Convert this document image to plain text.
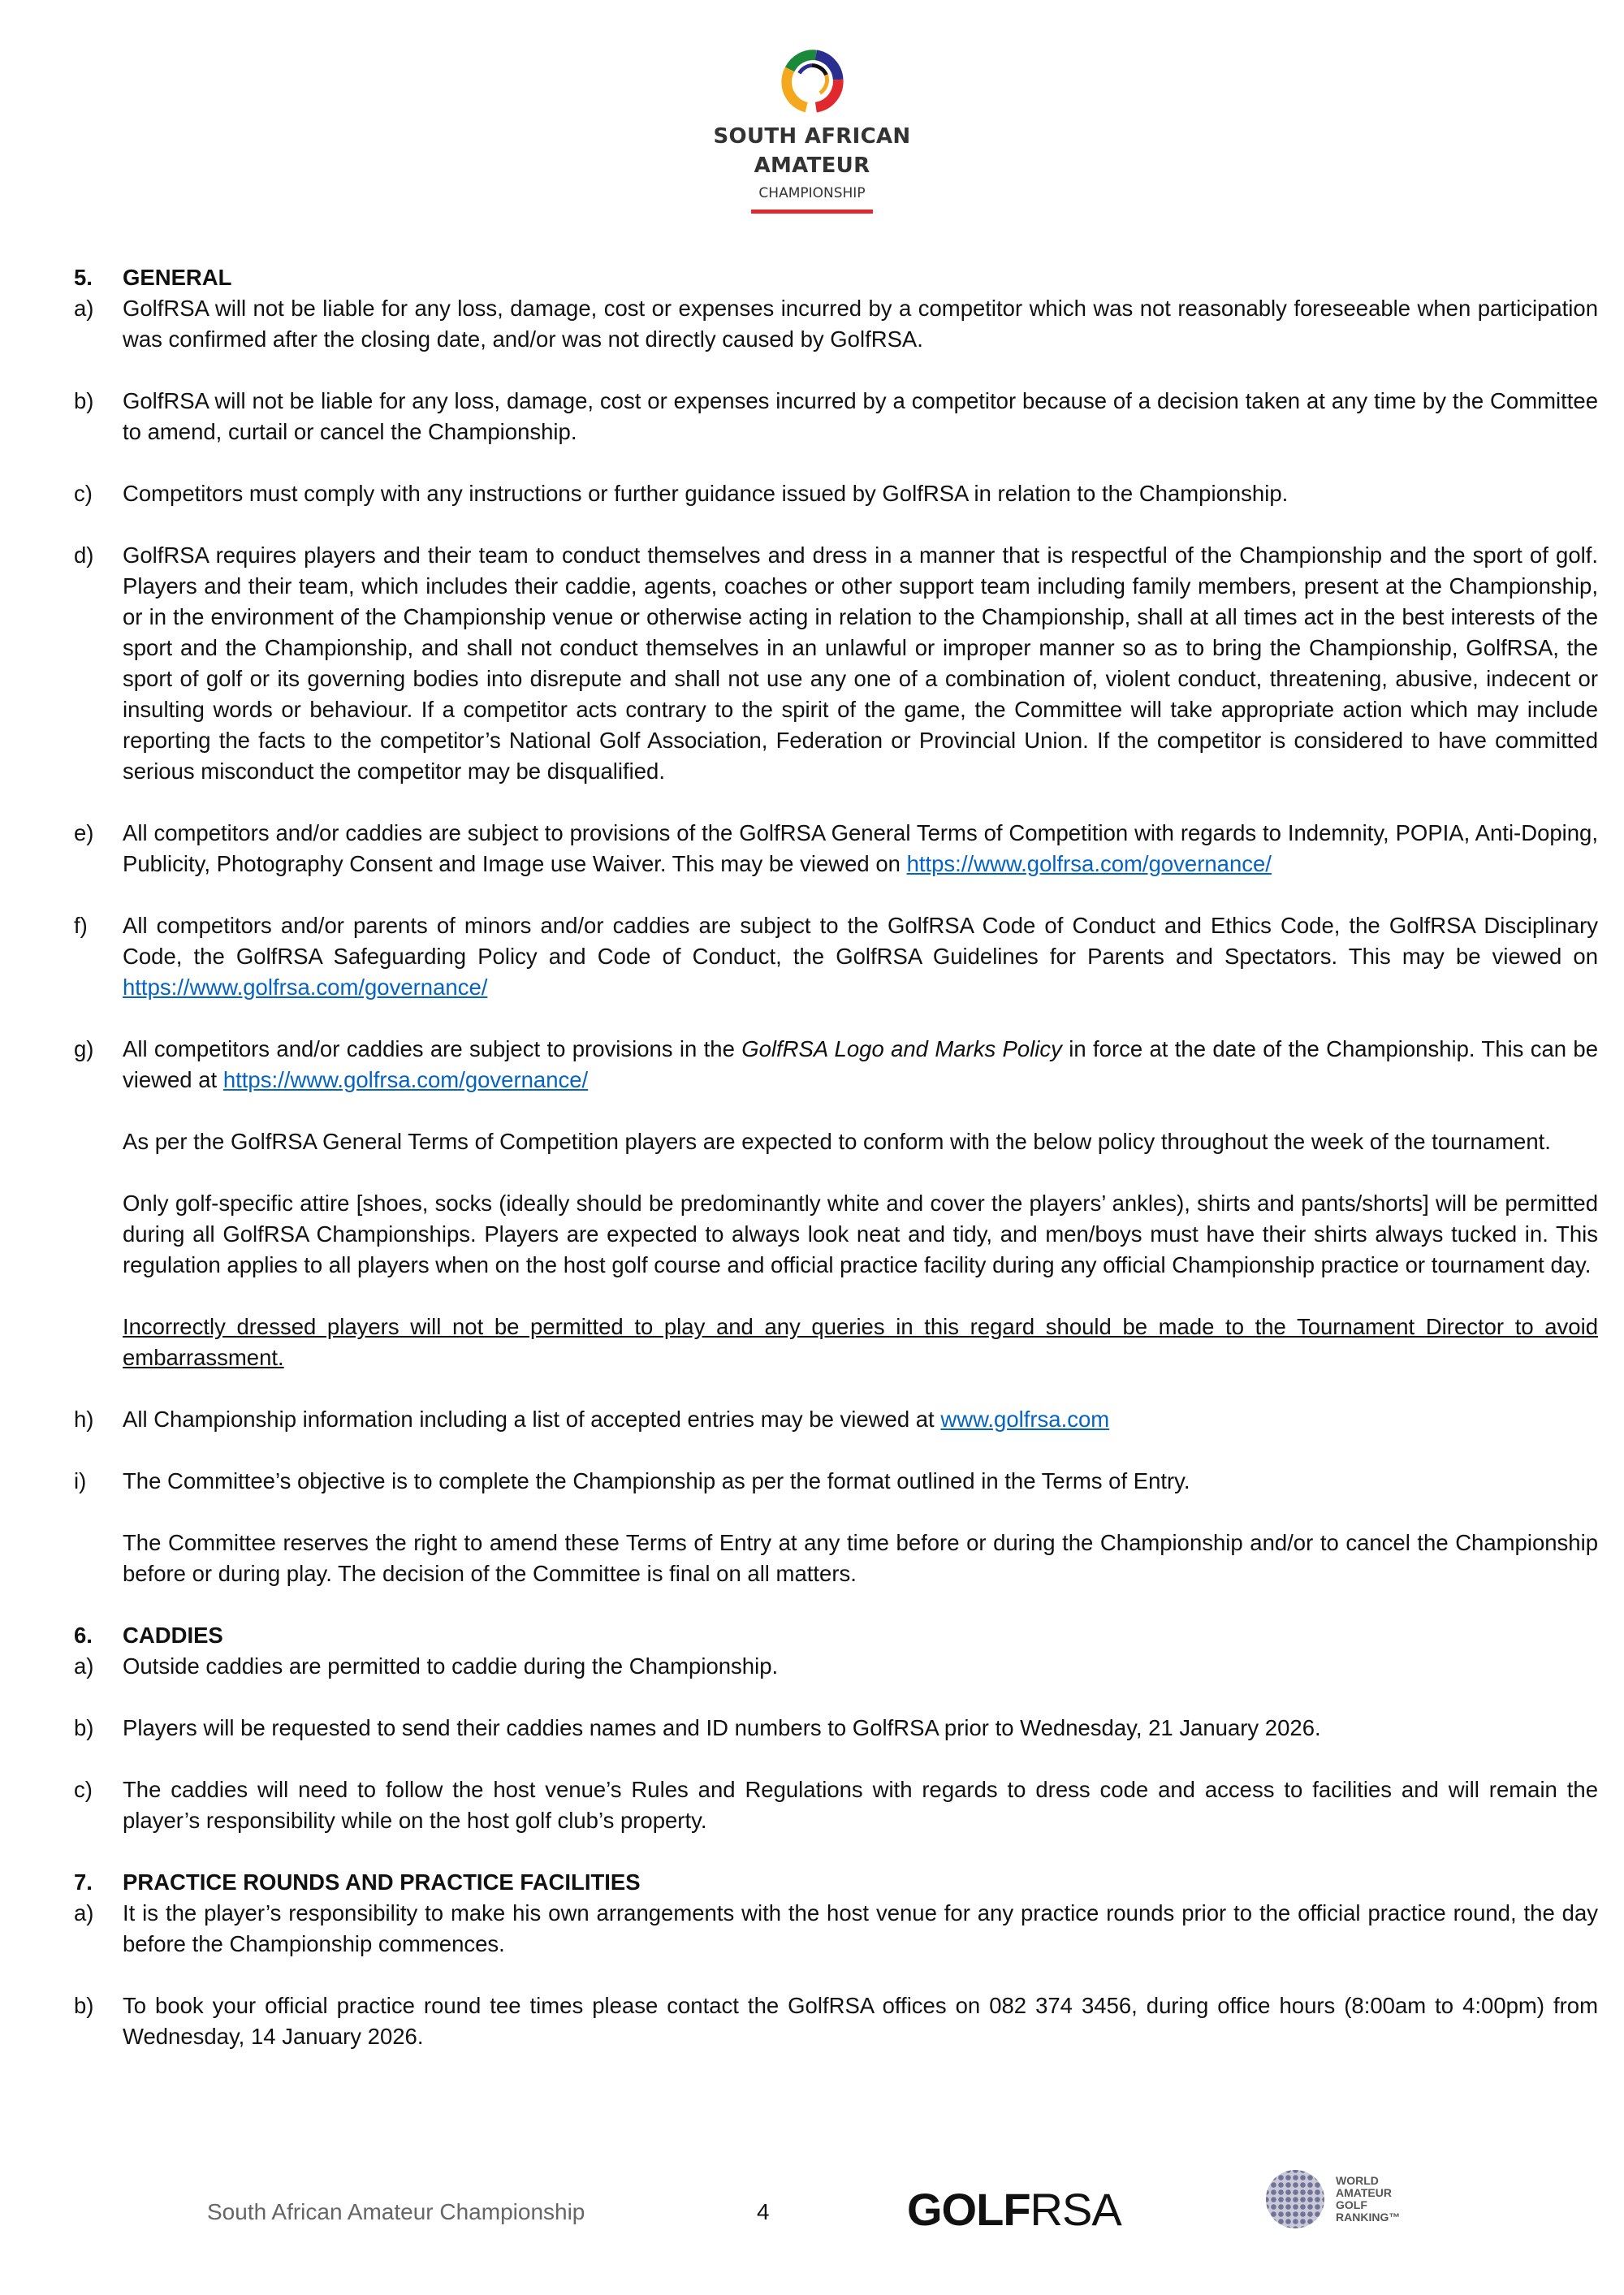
SOUTH AFRICAN
AMATEUR
CHAMPIONSHIP
5.	GENERAL
a)	GolfRSA will not be liable for any loss, damage, cost or expenses incurred by a competitor which was not reasonably foreseeable when participation was confirmed after the closing date, and/or was not directly caused by GolfRSA.

b)	GolfRSA will not be liable for any loss, damage, cost or expenses incurred by a competitor because of a decision taken at any time by the Committee to amend, curtail or cancel the Championship.

c)	Competitors must comply with any instructions or further guidance issued by GolfRSA in relation to the Championship.

d)	GolfRSA requires players and their team to conduct themselves and dress in a manner that is respectful of the Championship and the sport of golf. Players and their team, which includes their caddie, agents, coaches or other support team including family members, present at the Championship, or in the environment of the Championship venue or otherwise acting in relation to the Championship, shall at all times act in the best interests of the sport and the Championship, and shall not conduct themselves in an unlawful or improper manner so as to bring the Championship, GolfRSA, the sport of golf or its governing bodies into disrepute and shall not use any one of a combination of, violent conduct, threatening, abusive, indecent or insulting words or behaviour. If a competitor acts contrary to the spirit of the game, the Committee will take appropriate action which may include reporting the facts to the competitor’s National Golf Association, Federation or Provincial Union. If the competitor is considered to have committed serious misconduct the competitor may be disqualified.

e)	All competitors and/or caddies are subject to provisions of the GolfRSA General Terms of Competition with regards to Indemnity, POPIA, Anti-Doping, Publicity, Photography Consent and Image use Waiver. This may be viewed on https://www.golfrsa.com/governance/

f)	All competitors and/or parents of minors and/or caddies are subject to the GolfRSA Code of Conduct and Ethics Code, the GolfRSA Disciplinary Code, the GolfRSA Safeguarding Policy and Code of Conduct, the GolfRSA Guidelines for Parents and Spectators. This may be viewed on https://www.golfrsa.com/governance/

g)	All competitors and/or caddies are subject to provisions in the GolfRSA Logo and Marks Policy in force at the date of the Championship. This can be viewed at https://www.golfrsa.com/governance/

As per the GolfRSA General Terms of Competition players are expected to conform with the below policy throughout the week of the tournament.

Only golf-specific attire [shoes, socks (ideally should be predominantly white and cover the players’ ankles), shirts and pants/shorts] will be permitted during all GolfRSA Championships. Players are expected to always look neat and tidy, and men/boys must have their shirts always tucked in. This regulation applies to all players when on the host golf course and official practice facility during any official Championship practice or tournament day.

Incorrectly dressed players will not be permitted to play and any queries in this regard should be made to the Tournament Director to avoid embarrassment.

h)	All Championship information including a list of accepted entries may be viewed at www.golfrsa.com

i)	The Committee’s objective is to complete the Championship as per the format outlined in the Terms of Entry.

The Committee reserves the right to amend these Terms of Entry at any time before or during the Championship and/or to cancel the Championship before or during play. The decision of the Committee is final on all matters.

6.	CADDIES
a)	Outside caddies are permitted to caddie during the Championship.

b)	Players will be requested to send their caddies names and ID numbers to GolfRSA prior to Wednesday, 21 January 2026.

c)	The caddies will need to follow the host venue’s Rules and Regulations with regards to dress code and access to facilities and will remain the player’s responsibility while on the host golf club’s property.

7.	PRACTICE ROUNDS AND PRACTICE FACILITIES
a)	It is the player’s responsibility to make his own arrangements with the host venue for any practice rounds prior to the official practice round, the day before the Championship commences.

b)	To book your official practice round tee times please contact the GolfRSA offices on 082 374 3456, during office hours (8:00am to 4:00pm) from Wednesday, 14 January 2026.

South African Amateur Championship	4	GOLFRSA
WORLD AMATEUR GOLF RANKING™
